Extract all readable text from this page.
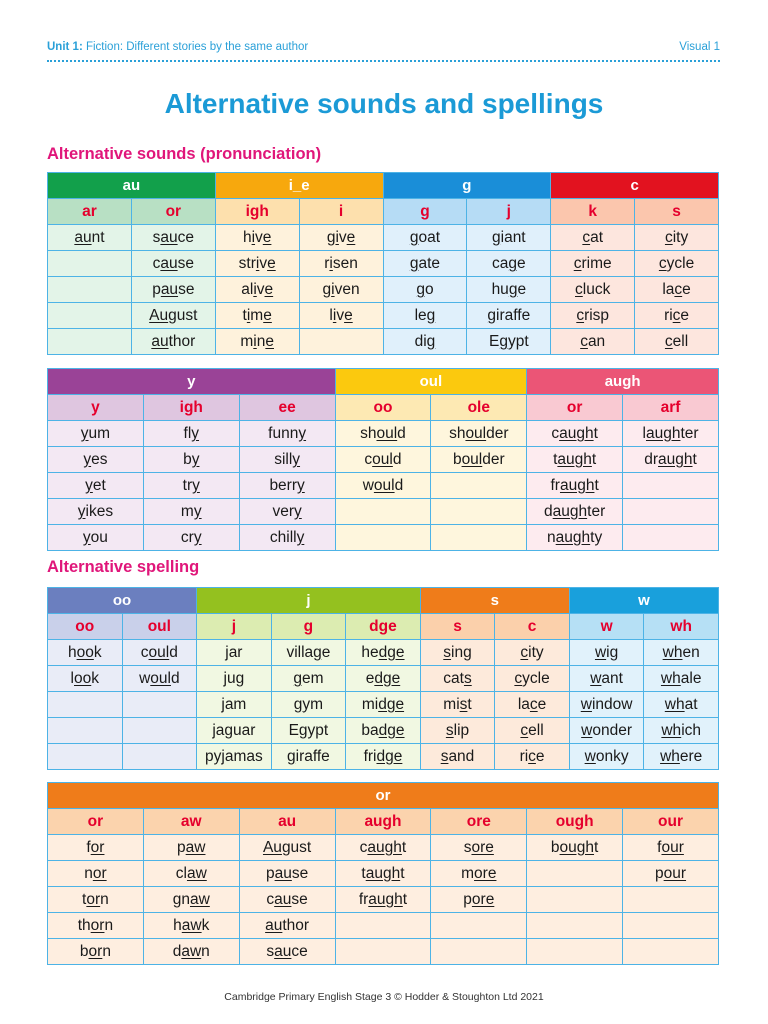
Unit 1: Fiction: Different stories by the same author	Visual 1
Alternative sounds and spellings
Alternative sounds (pronunciation)
au		i_e		g		c	
ar	or	igh	i	g	j	k	s
aunt	sauce	hive	give	goat	giant	cat	city
	cause	strive	risen	gate	cage	crime	cycle
	pause	alive	given	go	huge	cluck	lace
	August	time	live	leg	giraffe	crisp	rice
	author	mine		dig	Egypt	can	cell
y			oul		augh	
y	igh	ee	oo	ole	or	arf
yum	fly	funny	should	shoulder	caught	laughter
yes	by	silly	could	boulder	taught	draught
yet	try	berry	would		fraught	
yikes	my	very			daughter	
you	cry	chilly			naughty	
Alternative spelling
oo		j			s		w	
oo	oul	j	g	dge	s	c	w	wh
hook	could	jar	village	hedge	sing	city	wig	when
look	would	jug	gem	edge	cats	cycle	want	whale
		jam	gym	midge	mist	lace	window	what
		jaguar	Egypt	badge	slip	cell	wonder	which
		pyjamas	giraffe	fridge	sand	rice	wonky	where
or						
or	aw	au	augh	ore	ough	our
for	paw	August	caught	sore	bought	four
nor	claw	pause	taught	more		pour
torn	gnaw	cause	fraught	pore		
thorn	hawk	author				
born	dawn	sauce				
Cambridge Primary English Stage 3 © Hodder & Stoughton Ltd 2021
